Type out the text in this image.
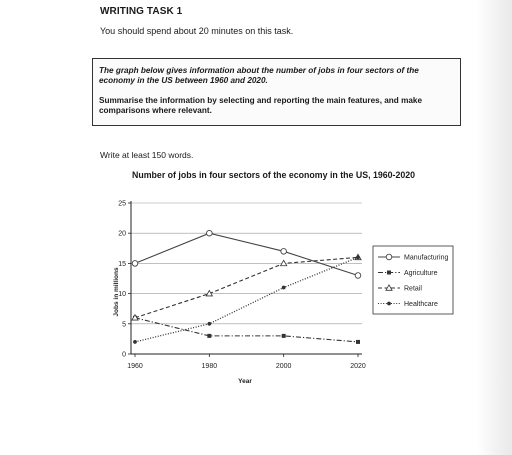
WRITING TASK 1
You should spend about 20 minutes on this task.
The graph below gives information about the number of jobs in four sectors of the economy in the US between 1960 and 2020.
Summarise the information by selecting and reporting the main features, and make comparisons where relevant.
Write at least 150 words.
Number of jobs in four sectors of the economy in the US, 1960-2020
0
5
10
15
20
25
1960	1980	2000	2020
Manufacturing
Agriculture
Retail
Healthcare
Jobs in millions
Year
